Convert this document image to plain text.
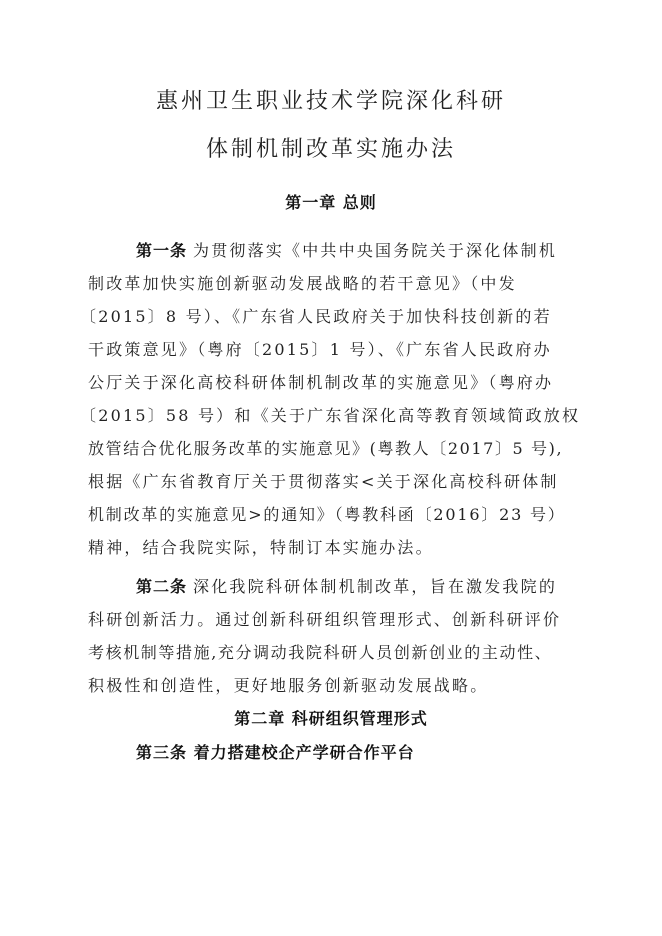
惠州卫生职业技术学院深化科研
体制机制改革实施办法
第一章 总则
第一条 为贯彻落实《中共中央国务院关于深化体制机
制改革加快实施创新驱动发展战略的若干意见》（中发
〔2015〕8 号）、《广东省人民政府关于加快科技创新的若
干政策意见》（粤府〔2015〕1 号）、《广东省人民政府办
公厅关于深化高校科研体制机制改革的实施意见》（粤府办
〔2015〕58 号）和《关于广东省深化高等教育领域简政放权
放管结合优化服务改革的实施意见》(粤教人〔2017〕5 号),
根据《广东省教育厅关于贯彻落实<关于深化高校科研体制
机制改革的实施意见>的通知》（粤教科函〔2016〕23 号）
精神，结合我院实际，特制订本实施办法。
第二条 深化我院科研体制机制改革，旨在激发我院的
科研创新活力。通过创新科研组织管理形式、创新科研评价
考核机制等措施,充分调动我院科研人员创新创业的主动性、
积极性和创造性，更好地服务创新驱动发展战略。
第二章 科研组织管理形式
第三条 着力搭建校企产学研合作平台
